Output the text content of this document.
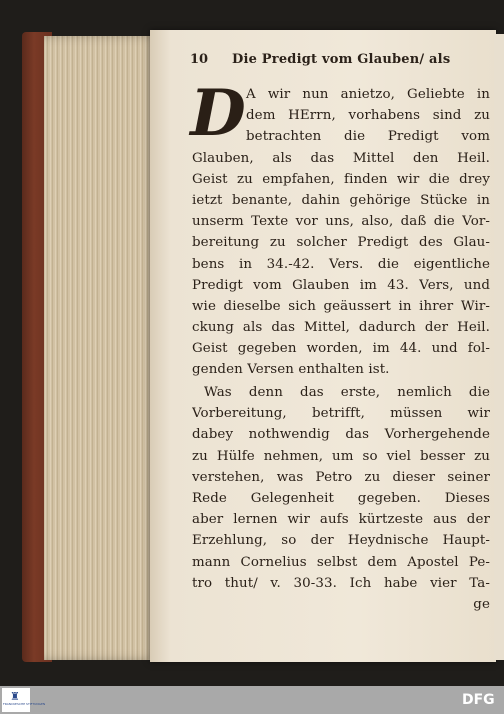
10 Die Predigt vom Glauben/ als
D A wir nun anietzo, Geliebte in
dem HErrn, vorhabens sind zu
betrachten die Predigt vom
Glauben, als das Mittel den Heil.
Geist zu empfahen, finden wir die drey
ietzt benante, dahin gehörige Stücke in
unserm Texte vor uns, also, daß die Vor-
bereitung zu solcher Predigt des Glau-
bens in 34.-42. Vers. die eigentliche
Predigt vom Glauben im 43. Vers, und
wie dieselbe sich geäussert in ihrer Wir-
ckung als das Mittel, dadurch der Heil.
Geist gegeben worden, im 44. und fol-
genden Versen enthalten ist.
Was denn das erste, nemlich die
Vorbereitung, betrifft, müssen wir
dabey nothwendig das Vorhergehende
zu Hülfe nehmen, um so viel besser zu
verstehen, was Petro zu dieser seiner
Rede Gelegenheit gegeben. Dieses
aber lernen wir aufs kürtzeste aus der
Erzehlung, so der Heydnische Haupt-
mann Cornelius selbst dem Apostel Pe-
tro thut/ v. 30-33. Ich habe vier Ta-
ge
♜
FRANCKESCHE STIFTUNGEN	DFG
